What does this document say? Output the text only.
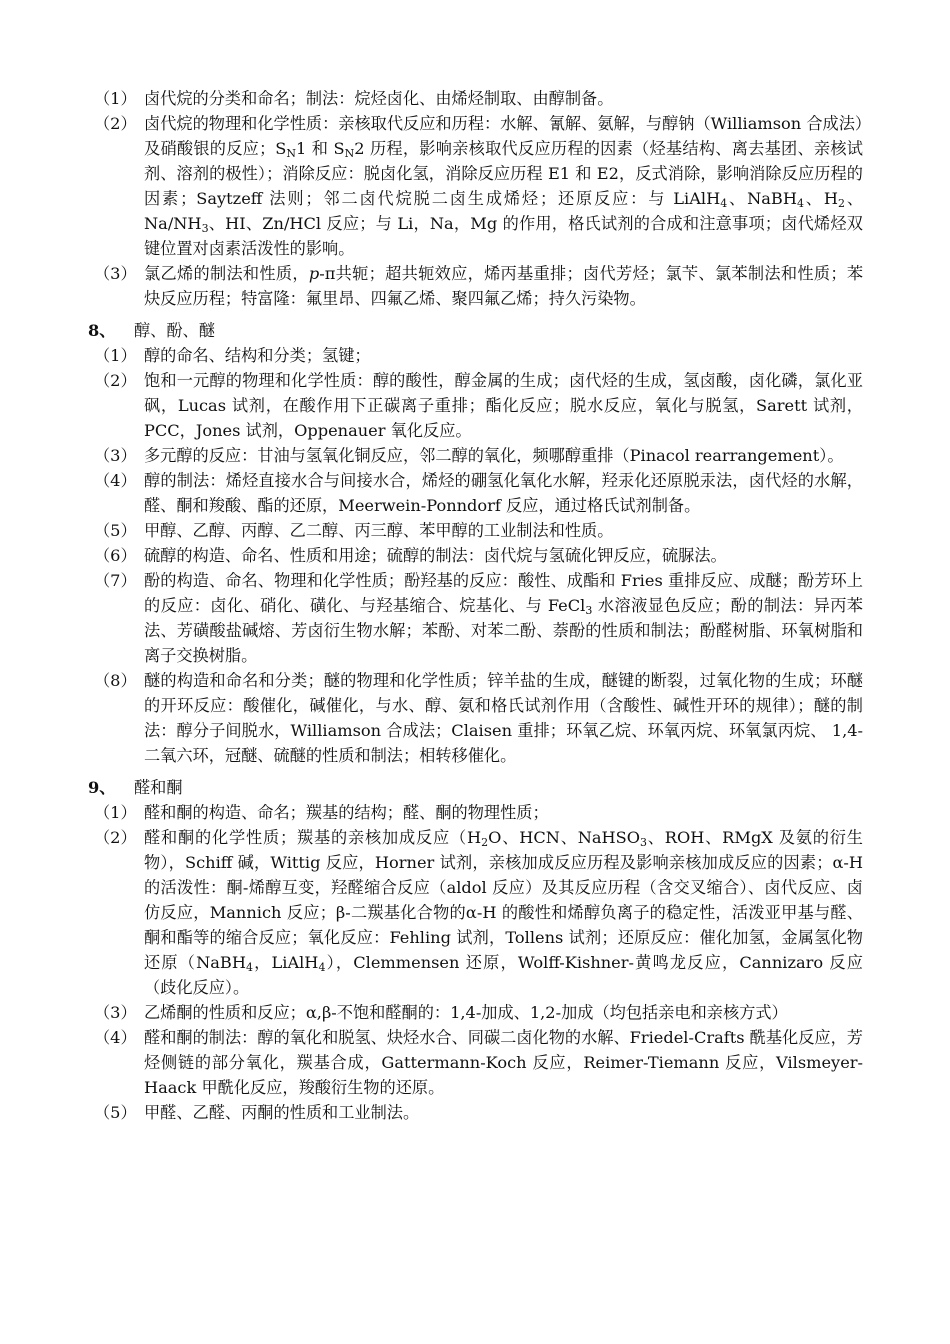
（1） 卤代烷的分类和命名；制法：烷烃卤化、由烯烃制取、由醇制备。
（2） 卤代烷的物理和化学性质：亲核取代反应和历程：水解、氰解、氨解，与醇钠（Williamson 合成法）及硝酸银的反应；$S_N1$ 和 $S_N2$ 历程，影响亲核取代反应历程的因素（烃基结构、离去基团、亲核试剂、溶剂的极性）；消除反应：脱卤化氢，消除反应历程 E1 和 E2，反式消除，影响消除反应历程的因素；Saytzeff 法则；邻二卤代烷脱二卤生成烯烃；还原反应：与 LiAlH$_4$、NaBH$_4$、$H_2$、$Na/NH_3$、HI、Zn/HCl 反应；与 Li，Na，Mg 的作用，格氏试剂的合成和注意事项；卤代烯烃双键位置对卤素活泼性的影响。
（3） 氯乙烯的制法和性质，p-π共轭；超共轭效应，烯丙基重排；卤代芳烃；氯苄、氯苯制法和性质；苯炔反应历程；特富隆：氟里昂、四氟乙烯、聚四氟乙烯；持久污染物。
8、	醇、酚、醚
（1） 醇的命名、结构和分类；氢键；
（2） 饱和一元醇的物理和化学性质：醇的酸性，醇金属的生成；卤代烃的生成，氢卤酸，卤化磷，氯化亚砜，Lucas 试剂，在酸作用下正碳离子重排；酯化反应；脱水反应，氧化与脱氢，Sarett 试剂，PCC，Jones 试剂，Oppenauer 氧化反应。
（3） 多元醇的反应：甘油与氢氧化铜反应，邻二醇的氧化，频哪醇重排（Pinacol rearrangement）。
（4） 醇的制法：烯烃直接水合与间接水合，烯烃的硼氢化氧化水解，羟汞化还原脱汞法，卤代烃的水解，醛、酮和羧酸、酯的还原，Meerwein-Ponndorf 反应，通过格氏试剂制备。
（5） 甲醇、乙醇、丙醇、乙二醇、丙三醇、苯甲醇的工业制法和性质。
（6） 硫醇的构造、命名、性质和用途；硫醇的制法：卤代烷与氢硫化钾反应，硫脲法。
（7） 酚的构造、命名、物理和化学性质；酚羟基的反应：酸性、成酯和 Fries 重排反应、成醚；酚芳环上的反应：卤化、硝化、磺化、与羟基缩合、烷基化、与 FeCl$_3$ 水溶液显色反应；酚的制法：异丙苯法、芳磺酸盐碱熔、芳卤衍生物水解；苯酚、对苯二酚、萘酚的性质和制法；酚醛树脂、环氧树脂和离子交换树脂。
（8） 醚的构造和命名和分类；醚的物理和化学性质；锌羊盐的生成，醚键的断裂，过氧化物的生成；环醚的开环反应：酸催化，碱催化，与水、醇、氨和格氏试剂作用（含酸性、碱性开环的规律）；醚的制法：醇分子间脱水，Williamson 合成法；Claisen 重排；环氧乙烷、环氧丙烷、环氧氯丙烷、 1,4-二氧六环，冠醚、硫醚的性质和制法；相转移催化。
9、	醛和酮
（1） 醛和酮的构造、命名；羰基的结构；醛、酮的物理性质；
（2） 醛和酮的化学性质；羰基的亲核加成反应（$H_2O$、HCN、NaHSO$_3$、ROH、RMgX 及氨的衍生物），Schiff 碱，Wittig 反应，Horner 试剂，亲核加成反应历程及影响亲核加成反应的因素；α-H 的活泼性：酮-烯醇互变，羟醛缩合反应（aldol 反应）及其反应历程（含交叉缩合）、卤代反应、卤仿反应，Mannich 反应；β-二羰基化合物的α-H 的酸性和烯醇负离子的稳定性，活泼亚甲基与醛、酮和酯等的缩合反应；氧化反应：Fehling 试剂，Tollens 试剂；还原反应：催化加氢，金属氢化物还原（NaBH$_4$，LiAlH$_4$），Clemmensen 还原，Wolff-Kishner-黄鸣龙反应，Cannizaro 反应（歧化反应）。
（3） 乙烯酮的性质和反应；α,β-不饱和醛酮的：1,4-加成、1,2-加成（均包括亲电和亲核方式）
（4） 醛和酮的制法：醇的氧化和脱氢、炔烃水合、同碳二卤化物的水解、Friedel-Crafts 酰基化反应，芳烃侧链的部分氧化，羰基合成，Gattermann-Koch 反应，Reimer-Tiemann 反应，Vilsmeyer-Haack 甲酰化反应，羧酸衍生物的还原。
（5） 甲醛、乙醛、丙酮的性质和工业制法。
